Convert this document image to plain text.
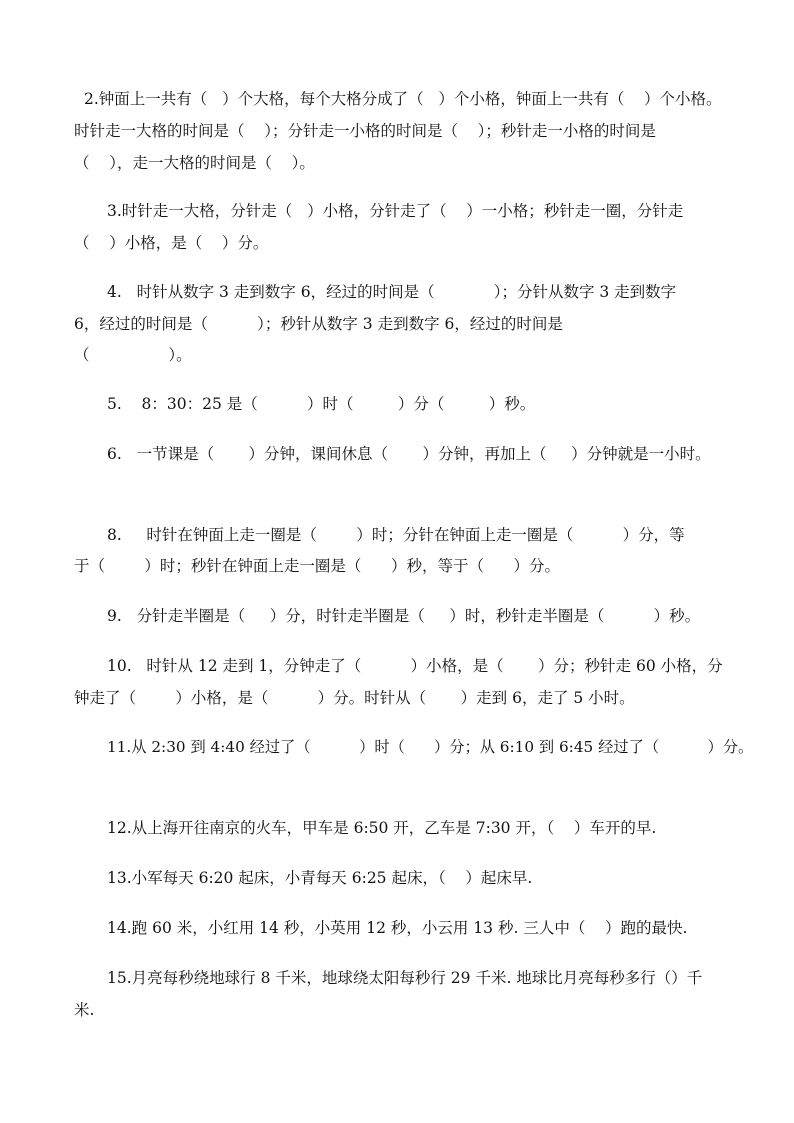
2.钟面上一共有（   ）个大格，每个大格分成了（   ）个小格，钟面上一共有（    ）个小格。
时针走一大格的时间是（    ）；分针走一小格的时间是（    ）；秒针走一小格的时间是
（    ），走一大格的时间是（    ）。
3.时针走一大格，分针走（   ）小格，分针走了（    ）一小格；秒针走一圈，分针走
（    ）小格，是（    ）分。
4.   时针从数字 3 走到数字 6，经过的时间是（            ）；分针从数字 3 走到数字
6，经过的时间是（          ）；秒针从数字 3 走到数字 6，经过的时间是
（                ）。
5.    8：30：25 是（          ）时（         ）分（         ）秒。
6.   一节课是（       ）分钟，课间休息（       ）分钟，再加上（     ）分钟就是一小时。
8.     时针在钟面上走一圈是（        ）时；分针在钟面上走一圈是（          ）分，等
于（        ）时；秒针在钟面上走一圈是（      ）秒，等于（      ）分。
9.   分针走半圈是（     ）分，时针走半圈是（     ）时，秒针走半圈是（          ）秒。
10.   时针从 12 走到 1，分钟走了（          ）小格，是（       ）分；秒针走 60 小格，分
钟走了（        ）小格，是（          ）分。时针从（       ）走到 6，走了 5 小时。
11.从 2:30 到 4:40 经过了（          ）时（      ）分；从 6:10 到 6:45 经过了（          ）分。
12.从上海开往南京的火车，甲车是 6:50 开，乙车是 7:30 开，（    ）车开的早.
13.小军每天 6:20 起床，小青每天 6:25 起床，（    ）起床早.
14.跑 60 米，小红用 14 秒，小英用 12 秒，小云用 13 秒. 三人中（    ）跑的最快.
15.月亮每秒绕地球行 8 千米，地球绕太阳每秒行 29 千米. 地球比月亮每秒多行（）千
米.
